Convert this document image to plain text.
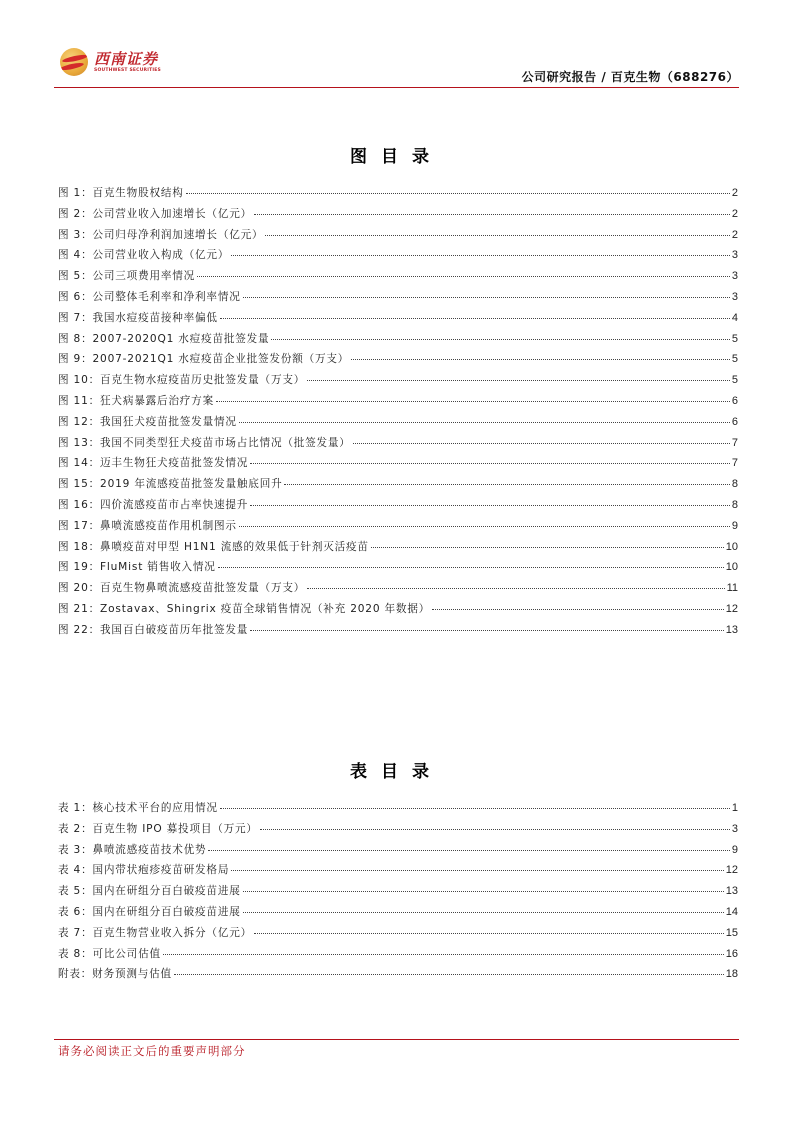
西南证券
SOUTHWEST SECURITIES	公司研究报告 / 百克生物（688276）
图目录
图 1：百克生物股权结构	2
图 2：公司营业收入加速增长（亿元）	2
图 3：公司归母净利润加速增长（亿元）	2
图 4：公司营业收入构成（亿元）	3
图 5：公司三项费用率情况	3
图 6：公司整体毛利率和净利率情况	3
图 7：我国水痘疫苗接种率偏低	4
图 8：2007-2020Q1 水痘疫苗批签发量	5
图 9：2007-2021Q1 水痘疫苗企业批签发份额（万支）	5
图 10：百克生物水痘疫苗历史批签发量（万支）	5
图 11：狂犬病暴露后治疗方案	6
图 12：我国狂犬疫苗批签发量情况	6
图 13：我国不同类型狂犬疫苗市场占比情况（批签发量）	7
图 14：迈丰生物狂犬疫苗批签发情况	7
图 15：2019 年流感疫苗批签发量触底回升	8
图 16：四价流感疫苗市占率快速提升	8
图 17：鼻喷流感疫苗作用机制图示	9
图 18：鼻喷疫苗对甲型 H1N1 流感的效果低于针剂灭活疫苗	10
图 19：FluMist 销售收入情况	10
图 20：百克生物鼻喷流感疫苗批签发量（万支）	11
图 21：Zostavax、Shingrix 疫苗全球销售情况（补充 2020 年数据）	12
图 22：我国百白破疫苗历年批签发量	13
表目录
表 1：核心技术平台的应用情况	1
表 2：百克生物 IPO 募投项目（万元）	3
表 3：鼻喷流感疫苗技术优势	9
表 4：国内带状疱疹疫苗研发格局	12
表 5：国内在研组分百白破疫苗进展	13
表 6：国内在研组分百白破疫苗进展	14
表 7：百克生物营业收入拆分（亿元）	15
表 8：可比公司估值	16
附表：财务预测与估值	18
请务必阅读正文后的重要声明部分
